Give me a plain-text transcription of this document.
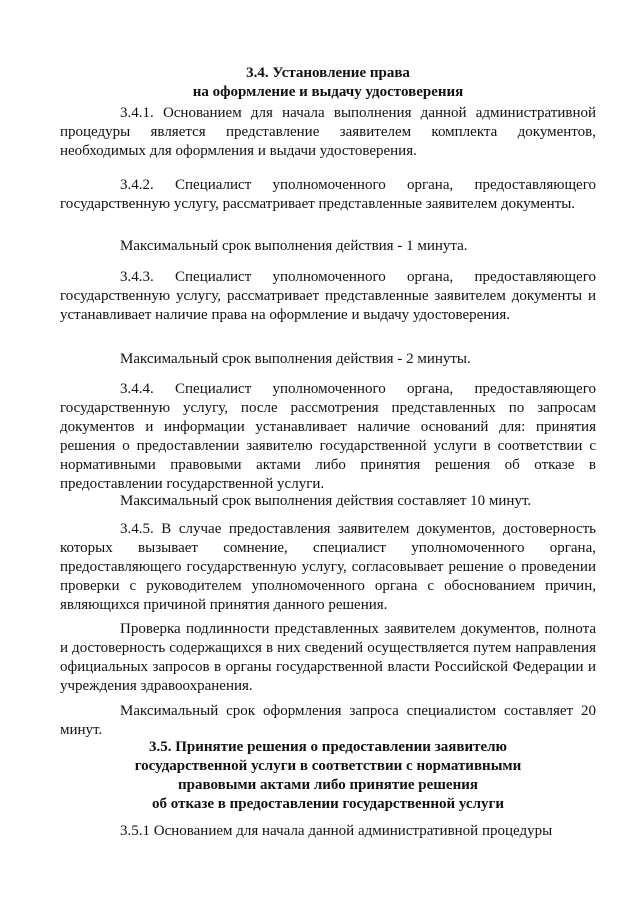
3.4. Установление права
на оформление и выдачу удостоверения
3.4.1. Основанием для начала выполнения данной административной процедуры является представление заявителем комплекта документов, необходимых для оформления и выдачи удостоверения.
3.4.2. Специалист уполномоченного органа, предоставляющего государственную услугу, рассматривает представленные заявителем документы.
Максимальный срок выполнения действия - 1 минута.
3.4.3. Специалист уполномоченного органа, предоставляющего государственную услугу, рассматривает представленные заявителем документы и устанавливает наличие права на оформление и выдачу удостоверения.
Максимальный срок выполнения действия - 2 минуты.
3.4.4. Специалист уполномоченного органа, предоставляющего государственную услугу, после рассмотрения представленных по запросам документов и информации устанавливает наличие оснований для: принятия решения о предоставлении заявителю государственной услуги в соответствии с нормативными правовыми актами либо принятия решения об отказе в предоставлении государственной услуги.
Максимальный срок выполнения действия составляет 10 минут.
3.4.5. В случае предоставления заявителем документов, достоверность которых вызывает сомнение, специалист уполномоченного органа, предоставляющего государственную услугу, согласовывает решение о проведении проверки с руководителем уполномоченного органа с обоснованием причин, являющихся причиной принятия данного решения.
Проверка подлинности представленных заявителем документов, полнота и достоверность содержащихся в них сведений осуществляется путем направления официальных запросов в органы государственной власти Российской Федерации и учреждения здравоохранения.
Максимальный срок оформления запроса специалистом составляет 20 минут.
3.5. Принятие решения о предоставлении заявителю
государственной услуги в соответствии с нормативными
правовыми актами либо принятие решения
об отказе в предоставлении государственной услуги
3.5.1 Основанием для начала данной административной процедуры
